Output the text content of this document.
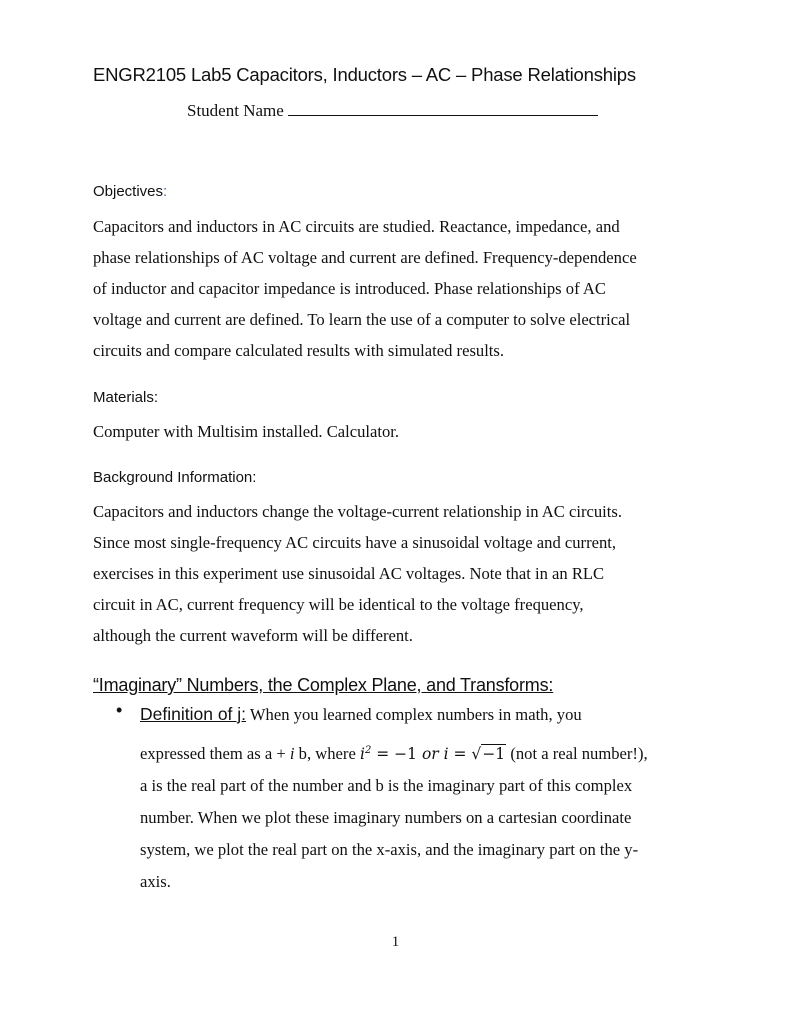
ENGR2105 Lab5 Capacitors, Inductors – AC – Phase Relationships
Student Name
Objectives:
Capacitors and inductors in AC circuits are studied. Reactance, impedance, and
phase relationships of AC voltage and current are defined. Frequency-dependence
of inductor and capacitor impedance is introduced. Phase relationships of AC
voltage and current are defined. To learn the use of a computer to solve electrical
circuits and compare calculated results with simulated results.
Materials:
Computer with Multisim installed. Calculator.
Background Information:
Capacitors and inductors change the voltage-current relationship in AC circuits.
Since most single-frequency AC circuits have a sinusoidal voltage and current,
exercises in this experiment use sinusoidal AC voltages. Note that in an RLC
circuit in AC, current frequency will be identical to the voltage frequency,
although the current waveform will be different.
“Imaginary” Numbers, the Complex Plane, and Transforms:
• Definition of j: When you learned complex numbers in math, you
expressed them as a + i b, where $i^2 = -1$ or i = √−1 (not a real number!),
a is the real part of the number and b is the imaginary part of this complex
number. When we plot these imaginary numbers on a cartesian coordinate
system, we plot the real part on the x-axis, and the imaginary part on the y-
axis.
1
